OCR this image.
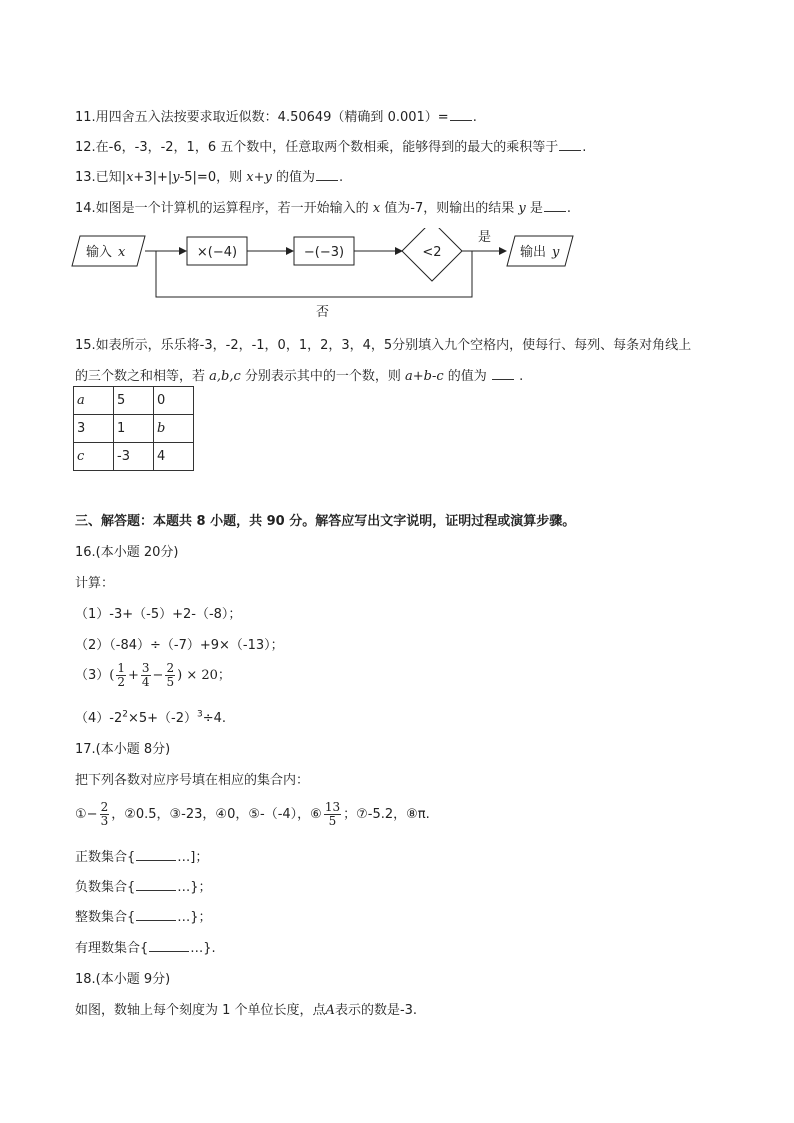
11.用四舍五入法按要求取近似数：4.50649（精确到 0.001）= .
12.在-6，-3，-2，1，6 五个数中，任意取两个数相乘，能够得到的最大的乘积等于 .
13.已知|x+3|+|y-5|=0，则 x+y 的值为 .
14.如图是一个计算机的运算程序，若一开始输入的 x 值为-7，则输出的结果 y 是 .
输入 x	×(−4)	−(−3)	<2
是
输出 y
否
15.如表所示，乐乐将-3，-2，-1，0，1，2，3，4，5分别填入九个空格内，使每行、每列、每条对角线上
的三个数之和相等，若 a,b,c 分别表示其中的一个数，则 a+b-c 的值为 .
a	5	0
3	1	b
c	-3	4
三、解答题：本题共 8 小题，共 90 分。解答应写出文字说明，证明过程或演算步骤。
16.(本小题 20分)
计算：
（1）-3+（-5）+2-（-8）；
（2）（-84）÷（-7）+9×（-13）；
$(3)( \frac{1}{2} + \frac{3}{4} - \frac{2}{5}$ ) × 20；
$(4)-2^2\times 5+(-2)^3\div 4$.
17.(本小题 8分)
把下列各数对应序号填在相应的集合内：
①− $\frac{2}{3}$ ，②0.5，③-23，④0，⑤-（-4），⑥ $\frac{13}{5}$ ；⑦-5.2，⑧π.
正数集合{	…]；
负数集合{	…}；
整数集合{	…}；
有理数集合{	…}.
18.(本小题 9分)
如图，数轴上每个刻度为 1 个单位长度，点A表示的数是-3.
